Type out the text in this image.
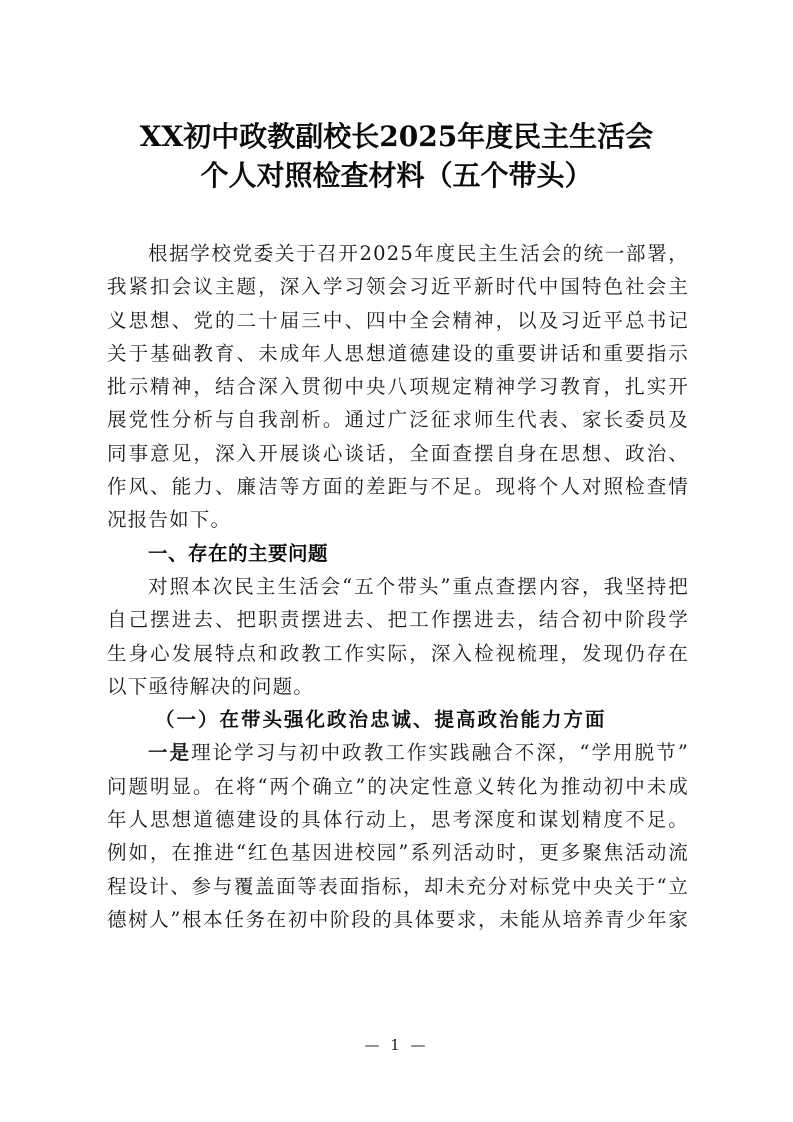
XX初中政教副校长2025年度民主生活会
个人对照检查材料（五个带头）
根据学校党委关于召开2025年度民主生活会的统一部署，
我紧扣会议主题，深入学习领会习近平新时代中国特色社会主
义思想、党的二十届三中、四中全会精神，以及习近平总书记
关于基础教育、未成年人思想道德建设的重要讲话和重要指示
批示精神，结合深入贯彻中央八项规定精神学习教育，扎实开
展党性分析与自我剖析。通过广泛征求师生代表、家长委员及
同事意见，深入开展谈心谈话，全面查摆自身在思想、政治、
作风、能力、廉洁等方面的差距与不足。现将个人对照检查情
况报告如下。
一、存在的主要问题
对照本次民主生活会“五个带头”重点查摆内容，我坚持把
自己摆进去、把职责摆进去、把工作摆进去，结合初中阶段学
生身心发展特点和政教工作实际，深入检视梳理，发现仍存在
以下亟待解决的问题。
（一）在带头强化政治忠诚、提高政治能力方面
一是理论学习与初中政教工作实践融合不深，“学用脱节”
问题明显。在将“两个确立”的决定性意义转化为推动初中未成
年人思想道德建设的具体行动上，思考深度和谋划精度不足。
例如，在推进“红色基因进校园”系列活动时，更多聚焦活动流
程设计、参与覆盖面等表面指标，却未充分对标党中央关于“立
德树人”根本任务在初中阶段的具体要求，未能从培养青少年家
— 1 —
